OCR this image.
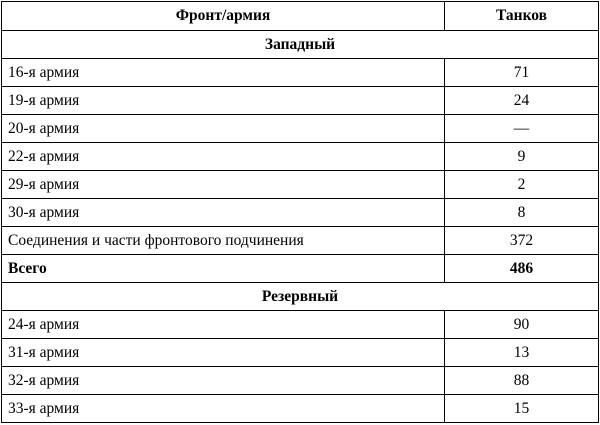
Фронт/армия	Танков
Западный	
16-я армия	71
19-я армия	24
20-я армия	—
22-я армия	9
29-я армия	2
30-я армия	8
Соединения и части фронтового подчинения	372
Всего	486
Резервный	
24-я армия	90
31-я армия	13
32-я армия	88
33-я армия	15
